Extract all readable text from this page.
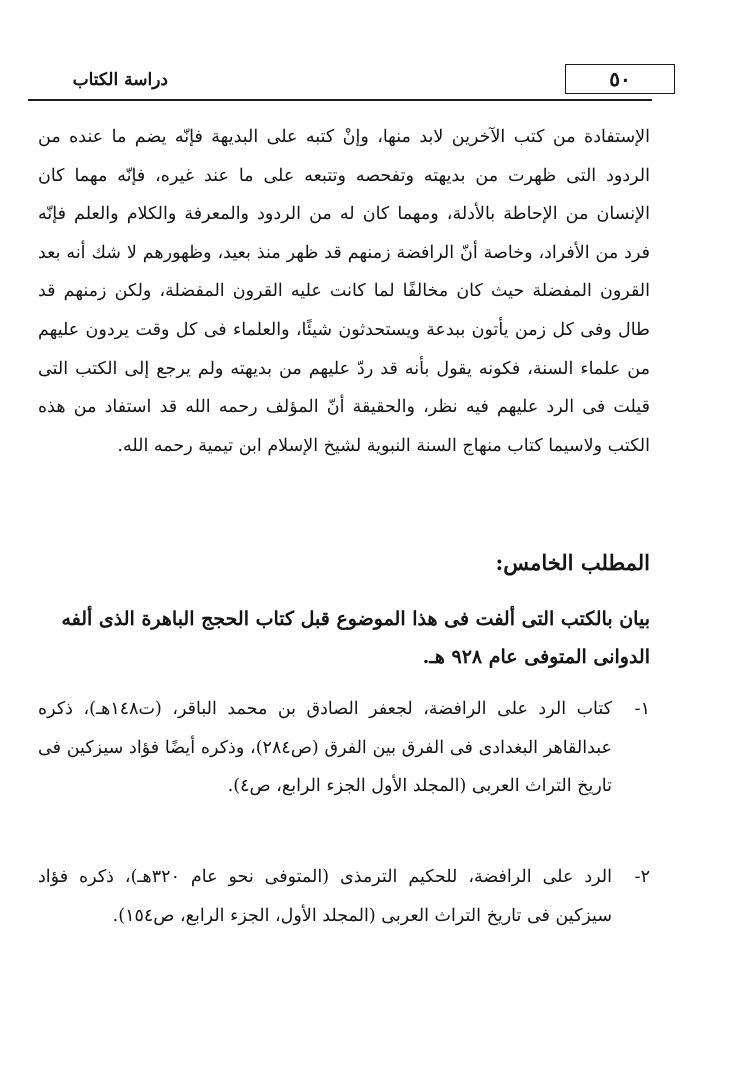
٥٠
دراسة الكتاب
الإستفادة من كتب الآخرين لابد منها، وإنْ كتبه على البديهة فإنّه يضم ما عنده من الردود التى ظهرت من بديهته وتفحصه وتتبعه على ما عند غيره، فإنّه مهما كان الإنسان من الإحاطة بالأدلة، ومهما كان له من الردود والمعرفة والكلام والعلم فإنّه فرد من الأفراد، وخاصة أنّ الرافضة زمنهم قد ظهر منذ بعيد، وظهورهم لا شك أنه بعد القرون المفضلة حيث كان مخالفًا لما كانت عليه القرون المفضلة، ولكن زمنهم قد طال وفى كل زمن يأتون ببدعة ويستحدثون شيئًا، والعلماء فى كل وقت يردون عليهم من علماء السنة، فكونه يقول بأنه قد ردّ عليهم من بديهته ولم يرجع إلى الكتب التى قيلت فى الرد عليهم فيه نظر، والحقيقة أنّ المؤلف رحمه الله قد استفاد من هذه الكتب ولاسيما كتاب منهاج السنة النبوية لشيخ الإسلام ابن تيمية رحمه الله.
المطلب الخامس:
بيان بالكتب التى ألفت فى هذا الموضوع قبل كتاب الحجج الباهرة الذى ألفه الدوانى المتوفى عام ٩٢٨ هـ.
١-
كتاب الرد على الرافضة، لجعفر الصادق بن محمد الباقر، (ت١٤٨هـ)، ذكره عبدالقاهر البغدادى فى الفرق بين الفرق (ص٢٨٤)، وذكره أيضًا فؤاد سيزكين فى تاريخ التراث العربى (المجلد الأول الجزء الرابع، ص٤).
٢-
الرد على الرافضة، للحكيم الترمذى (المتوفى نحو عام ٣٢٠هـ)، ذكره فؤاد سيزكين فى تاريخ التراث العربى (المجلد الأول، الجزء الرابع، ص١٥٤).
